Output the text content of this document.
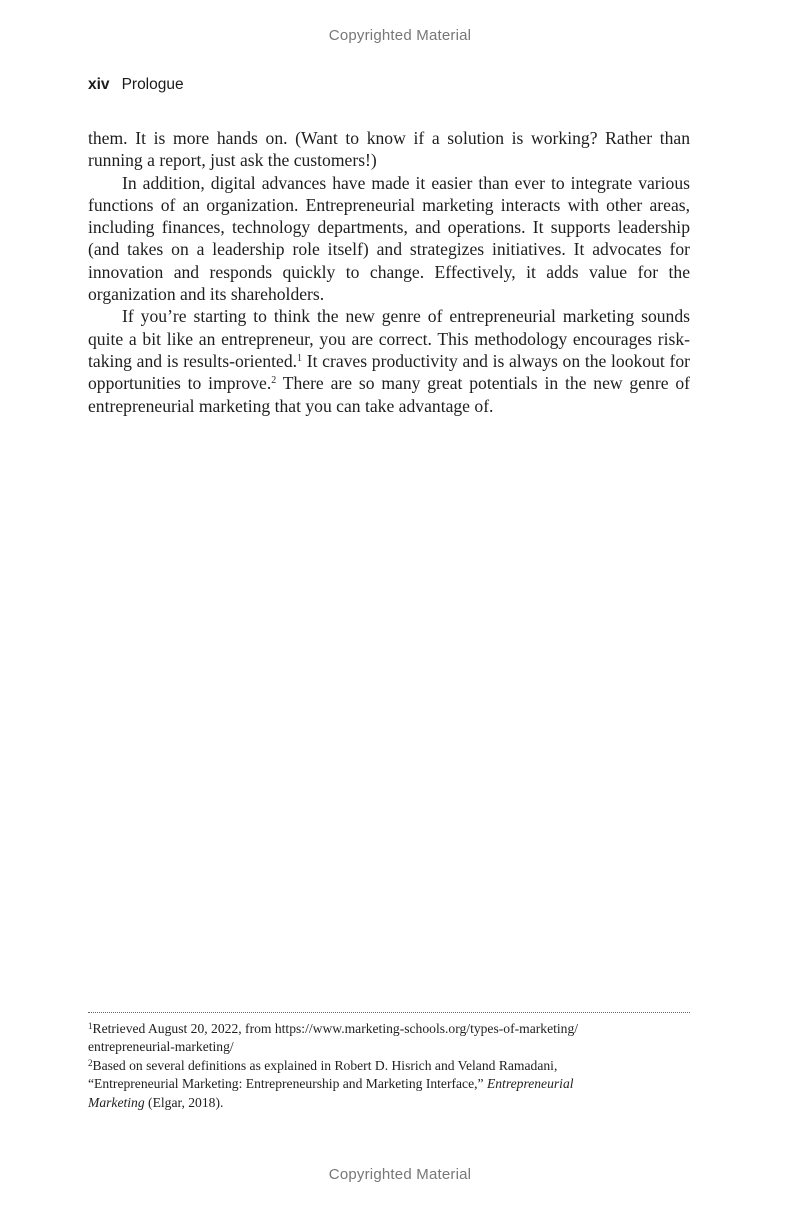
Copyrighted Material
xiv Prologue

them. It is more hands on. (Want to know if a solution is working? Rather than running a report, just ask the customers!)

In addition, digital advances have made it easier than ever to integrate various functions of an organization. Entrepreneurial marketing interacts with other areas, including finances, technology departments, and operations. It supports leadership (and takes on a leadership role itself) and strategizes initiatives. It advocates for innovation and responds quickly to change. Effectively, it adds value for the organization and its shareholders.

If you’re starting to think the new genre of entrepreneurial marketing sounds quite a bit like an entrepreneur, you are correct. This methodology encourages risk-taking and is results-oriented.$^1$ It craves productivity and is always on the lookout for opportunities to improve.$^2$ There are so many great potentials in the new genre of entrepreneurial marketing that you can take advantage of.

$^1$Retrieved August 20, 2022, from https://www.marketing-schools.org/types-of-marketing/
entrepreneurial-marketing/

$^2$Based on several definitions as explained in Robert D. Hisrich and Veland Ramadani,
“Entrepreneurial Marketing: Entrepreneurship and Marketing Interface,” Entrepreneurial
Marketing (Elgar, 2018).

Copyrighted Material
